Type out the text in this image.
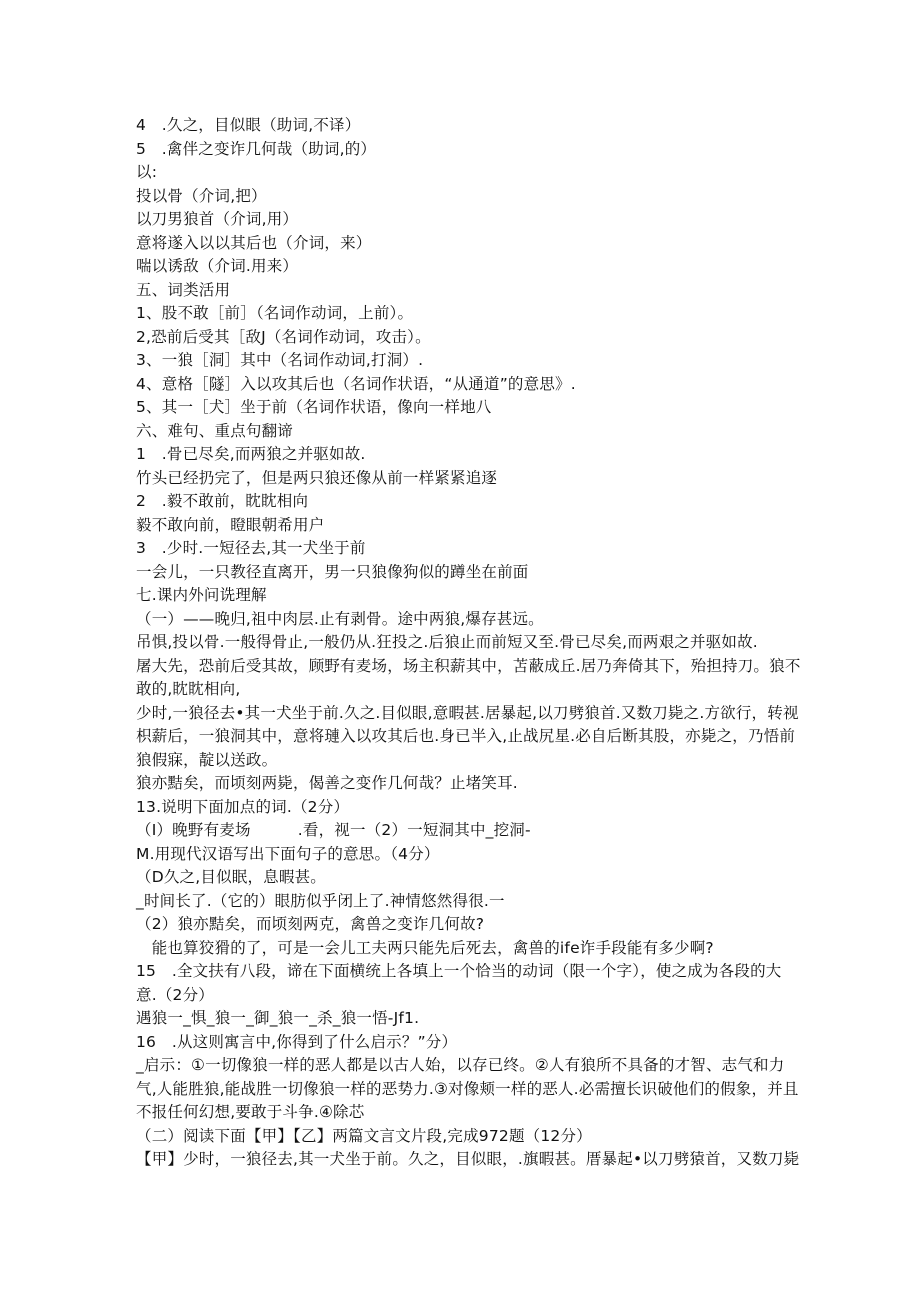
4　.久之，目似眼（助词,不译）
5　.禽伴之变诈几何哉（助词,的）
以:
投以骨（介词,把）
以刀男狼首（介词,用）
意将遂入以以其后也（介词，来）
喘以诱敌（介词.用来）
五、词类活用
1、股不敢［前］（名词作动词，上前）。
2,恐前后受其［敌J（名词作动词，攻击）。
3、一狼［洞］其中（名词作动词,打洞）.
4、意格［隧］入以攻其后也（名词作状语，“从通道”的意思》.
5、其一［犬］坐于前（名词作状语，像向一样地八
六、难句、重点句翻谛
1　.骨已尽矣,而两狼之并驱如故.
竹头已经扔完了，但是两只狼还像从前一样紧紧追逐
2　.毅不敢前，眈眈相向
毅不敢向前，瞪眼朝希用户
3　.少时.一短径去,其一犬坐于前
一会儿，一只教径直离开，男一只狼像狗似的蹲坐在前面
七.课内外问诜理解
（一）——晚归,祖中肉层.止有剥骨。途中两狼,爆存甚远。
吊惧,投以骨.一般得骨止,一般仍从.狂投之.后狼止而前短又至.骨已尽矣,而两艰之并驱如故.
屠大先，恐前后受其故，顾野有麦场，场主积薪其中，苫蔽成丘.居乃奔倚其下，殆担持刀。狼不
敢的,眈眈相向,
少时,一狼径去•其一犬坐于前.久之.目似眼,意暇甚.居暴起,以刀劈狼首.又数刀毙之.方欲行，转视
枳薪后，一狼洞其中，意将璉入以攻其后也.身已半入,止战尻星.必自后断其股，亦毙之，乃悟前
狼假寐，靛以送政。
狼亦黠矣，而顷刻两毙，偈善之变作几何哉？止堵笑耳.
13.说明下面加点的词.（2分）
（I）晚野有麦场　　　.看，视一（2）一短洞其中_挖洞-
M.用现代汉语写出下面句子的意思。（4分）
（D久之,目似眠，息暇甚。
_时间长了.（它的）眼肪似乎闭上了.神情悠然得很.一
（2）狼亦黠矣，而顷刻两克，禽兽之变诈几何故?
　能也算狡猾的了，可是一会儿工夫两只能先后死去，禽兽的ife诈手段能有多少啊?
15　.全文扶有八段，谛在下面横统上各填上一个恰当的动词（限一个字），使之成为各段的大
意.（2分）
遇狼一_惧_狼一_御_狼一_杀_狼一悟-Jf1.
16　.从这则寓言中,你得到了什么启示？”分）
_启示：①一切像狼一样的恶人都是以古人始，以存已终。②人有狼所不具备的才智、志气和力
气,人能胜狼,能战胜一切像狼一样的恶势力.③对像颊一样的恶人.必需擅长识破他们的假象，并且
不报任何幻想,要敢于斗争.④除芯
（二）阅读下面【甲】【乙】两篇文言文片段,完成972题（12分）
【甲】少时，一狼径去,其一犬坐于前。久之，目似眼，.旗暇甚。厝暴起•以刀劈猿首，又数刀毙
